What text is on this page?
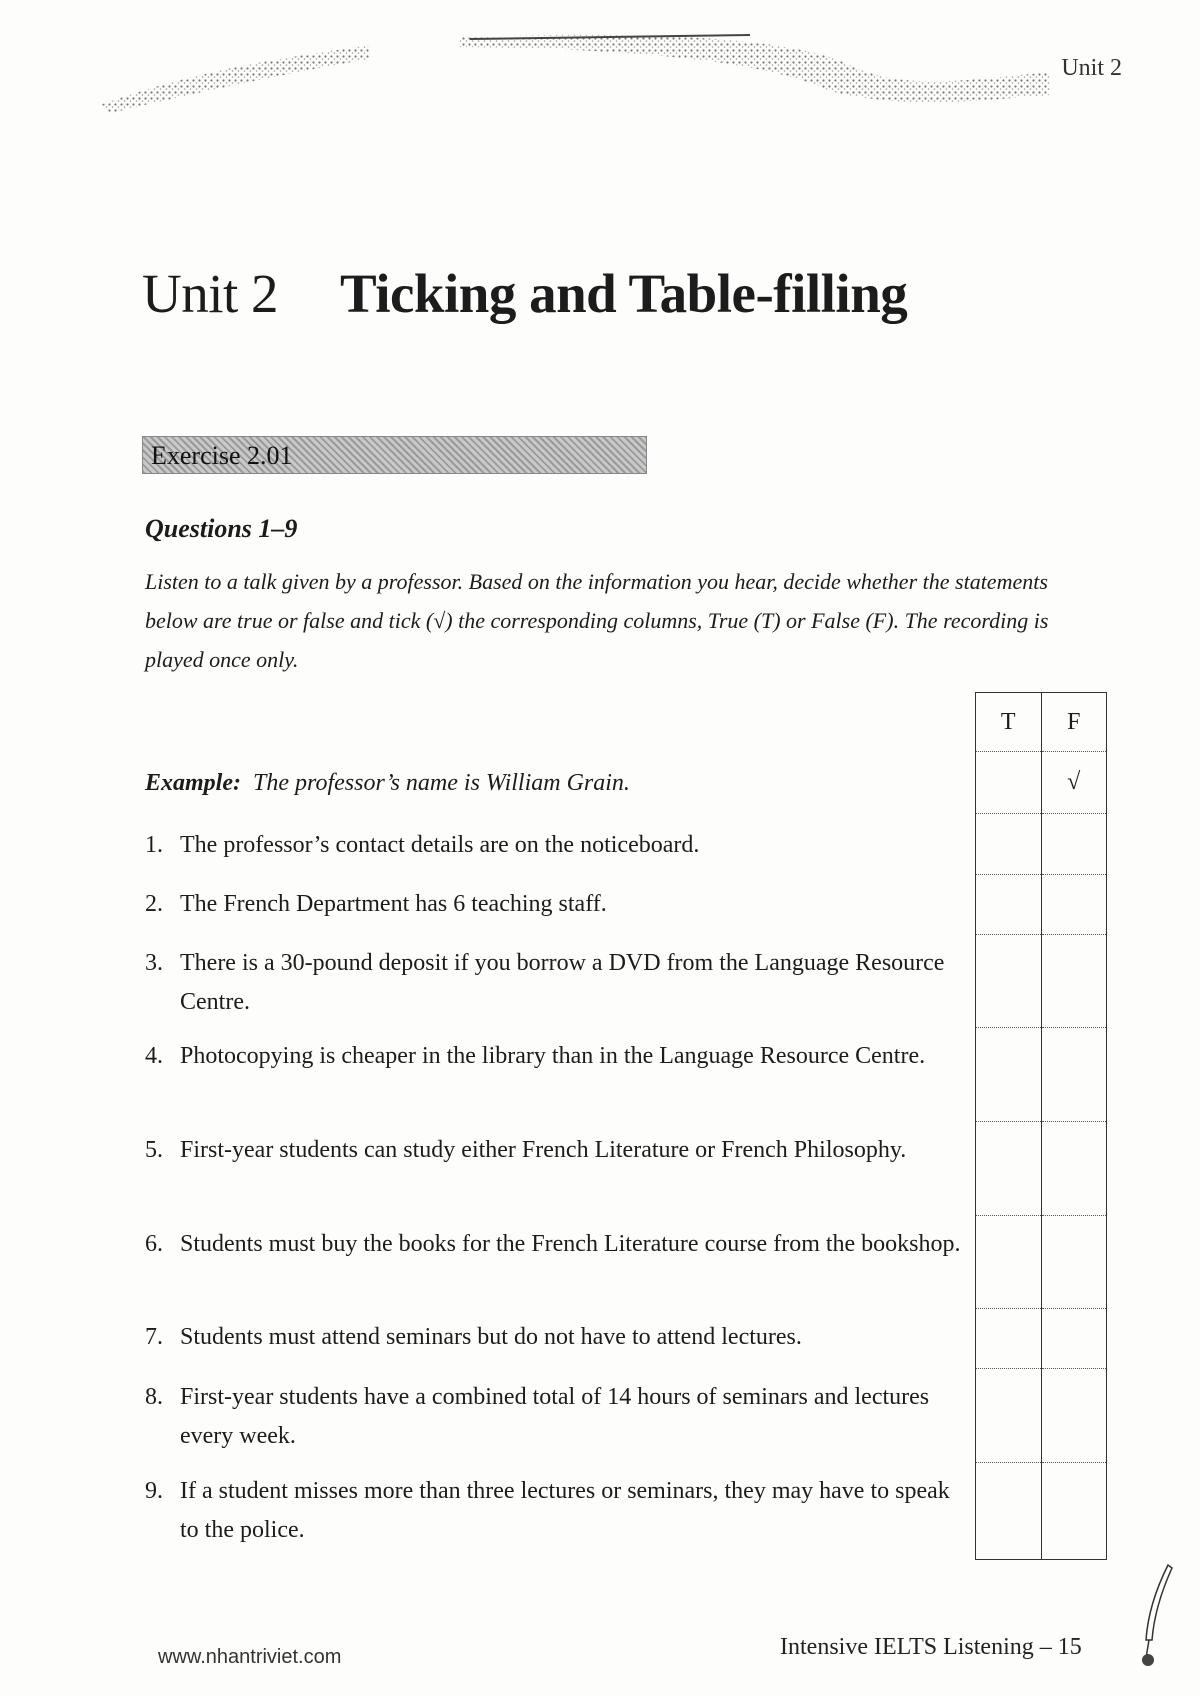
Unit 2
Unit 2 Ticking and Table-filling
Exercise 2.01
Questions 1–9

Listen to a talk given by a professor. Based on the information you hear, decide whether the statements below are true or false and tick (√) the corresponding columns, True (T) or False (F). The recording is played once only.

T	F
	√

Example: The professor’s name is William Grain.

1. The professor’s contact details are on the noticeboard.
2. The French Department has 6 teaching staff.
3. There is a 30-pound deposit if you borrow a DVD from the Language Resource Centre.
4. Photocopying is cheaper in the library than in the Language Resource Centre.
5. First-year students can study either French Literature or French Philosophy.
6. Students must buy the books for the French Literature course from the bookshop.
7. Students must attend seminars but do not have to attend lectures.
8. First-year students have a combined total of 14 hours of seminars and lectures every week.
9. If a student misses more than three lectures or seminars, they may have to speak to the police.
www.nhantriviet.com	Intensive IELTS Listening – 15
